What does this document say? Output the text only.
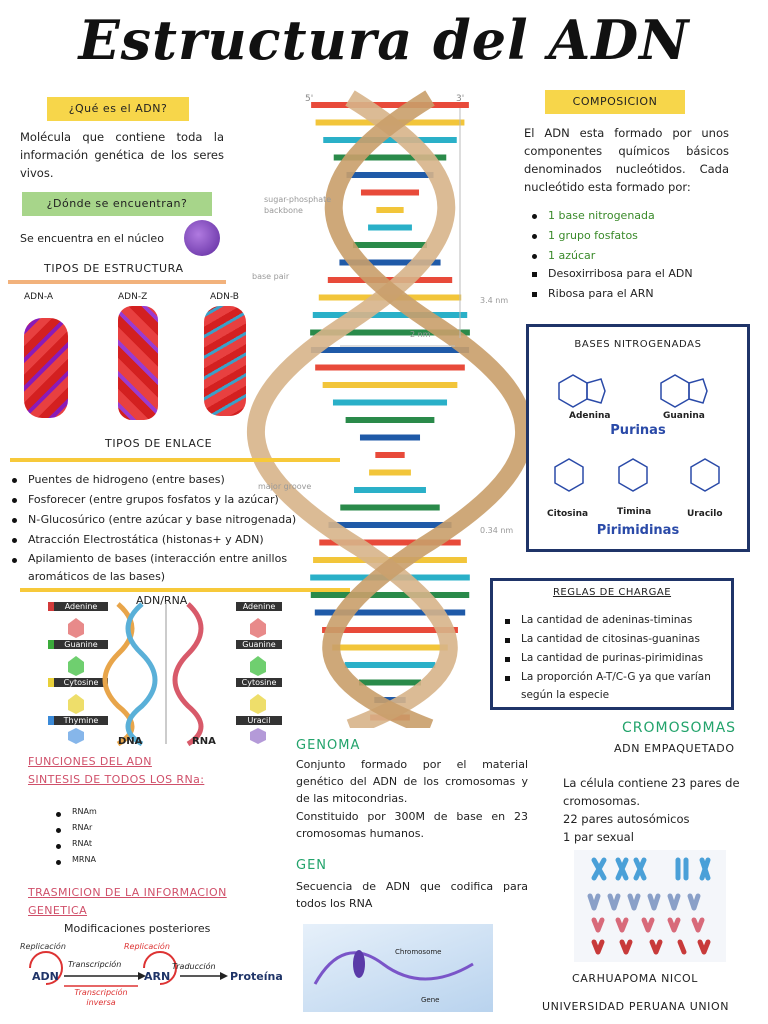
Estructura del ADN
5'	3'
sugar-phosphate backbone
base pair
3.4 nm
2 nm
major groove
0.34 nm
¿Qué es el ADN?
Molécula que contiene toda la información genética de los seres vivos.
¿Dónde se encuentran?
Se encuentra en el núcleo
TIPOS DE ESTRUCTURA
ADN-A	ADN-Z	ADN-B
TIPOS DE ENLACE
Puentes de hidrogeno (entre bases)
Fosforecer (entre grupos fosfatos y la azúcar)
N-Glucosúrico (entre azúcar y base nitrogenada)
Atracción Electrostática (histonas+ y ADN)
Apilamiento de bases (interacción entre anillos aromáticos de las bases)
ADN/RNA
Adenine
Guanine
Cytosine
Thymine
Adenine
Guanine
Cytosine
Uracil
DNA	RNA
FUNCIONES DEL ADN
SINTESIS DE TODOS LOS RNa:
RNAm
RNAr
RNAt
MRNA
TRASMICION DE LA INFORMACION
GENETICA
Modificaciones posteriores
Replicación	Replicación
ADN	ARN
Transcripción	Traducción
Transcripción inversa
Proteína
COMPOSICION
El ADN esta formado por unos componentes químicos básicos denominados nucleótidos. Cada nucleótido esta formado por:
1 base nitrogenada
1 grupo fosfatos
1 azúcar
Desoxirribosa para el ADN
Ribosa para el ARN
BASES NITROGENADAS
Adenina	Guanina
Purinas
Citosina	Timina	Uracilo
Pirimidinas
REGLAS DE CHARGAE
La cantidad de adeninas-timinas
La cantidad de citosinas-guaninas
La cantidad de purinas-pirimidinas
La proporción A-T/C-G ya que varían según la especie
GENOMA
Conjunto formado por el material genético del ADN de los cromosomas y de las mitocondrias.
Constituido por 300M de base en 23 cromosomas humanos.
GEN
Secuencia de ADN que codifica para todos los RNA
Chromosome
Gene
CROMOSOMAS
ADN EMPAQUETADO
La célula contiene 23 pares de cromosomas.
22 pares autosómicos
1 par sexual
CARHUAPOMA NICOL
UNIVERSIDAD PERUANA UNION
